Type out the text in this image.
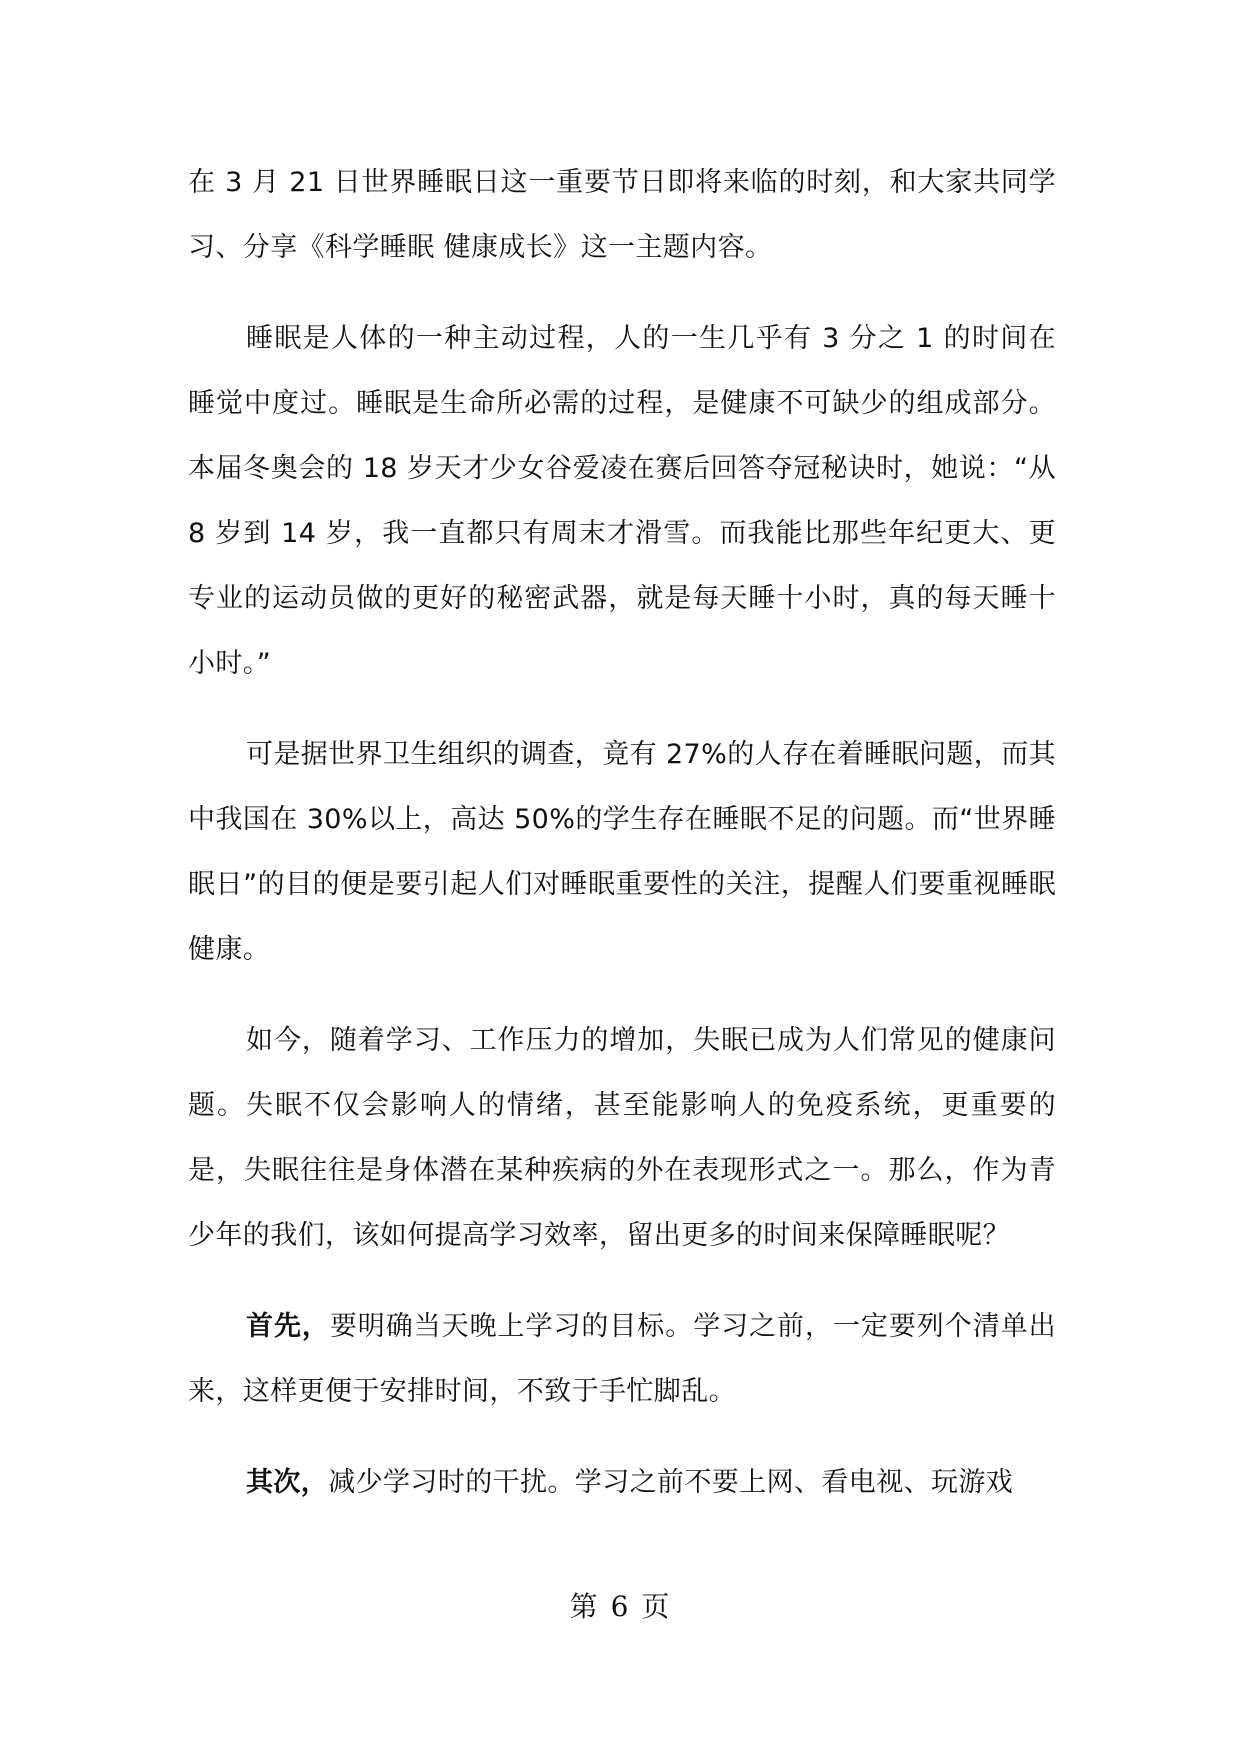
在 3 月 21 日世界睡眠日这一重要节日即将来临的时刻，和大家共同学习、分享《科学睡眠 健康成长》这一主题内容。

睡眠是人体的一种主动过程，人的一生几乎有 3 分之 1 的时间在睡觉中度过。睡眠是生命所必需的过程，是健康不可缺少的组成部分。本届冬奥会的 18 岁天才少女谷爱凌在赛后回答夺冠秘诀时，她说：“从 8 岁到 14 岁，我一直都只有周末才滑雪。而我能比那些年纪更大、更专业的运动员做的更好的秘密武器，就是每天睡十小时，真的每天睡十小时。”

可是据世界卫生组织的调查，竟有 27%的人存在着睡眠问题，而其中我国在 30%以上，高达 50%的学生存在睡眠不足的问题。而“世界睡眠日”的目的便是要引起人们对睡眠重要性的关注，提醒人们要重视睡眠健康。

如今，随着学习、工作压力的增加，失眠已成为人们常见的健康问题。失眠不仅会影响人的情绪，甚至能影响人的免疫系统，更重要的是，失眠往往是身体潜在某种疾病的外在表现形式之一。那么，作为青少年的我们，该如何提高学习效率，留出更多的时间来保障睡眠呢？

首先，要明确当天晚上学习的目标。学习之前，一定要列个清单出来，这样更便于安排时间，不致于手忙脚乱。

其次，减少学习时的干扰。学习之前不要上网、看电视、玩游戏

第 6 页
